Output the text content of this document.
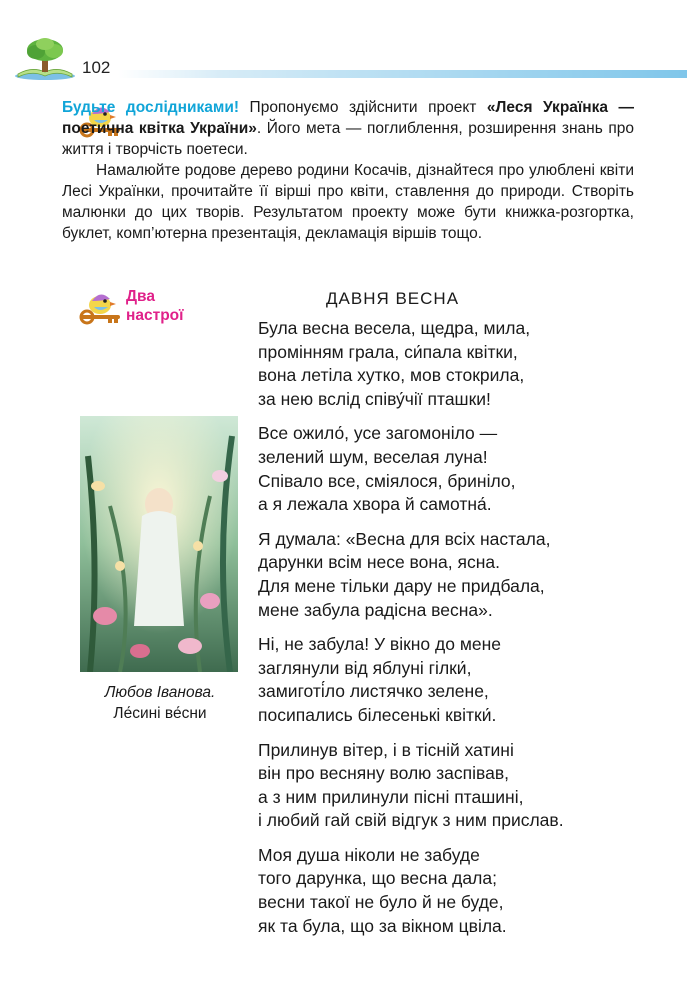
102

Будьте дослідниками! Пропонуємо здійснити проект «Леся Українка — поетична квітка України». Його мета — поглиблення, розширення знань про життя і творчість поетеси.

Намалюйте родове дерево родини Косачів, дізнайтеся про улюблені квіти Лесі Українки, прочитайте її вірші про квіти, ставлення до природи. Створіть малюнки до цих творів. Результатом проекту може бути книжка-розгортка, буклет, комп’ютерна презентація, декламація віршів тощо.

Два
настрої
ДАВНЯ ВЕСНА
Була весна весела, щедра, мила,
промінням грала, си́пала квітки,
вона летіла хутко, мов стокрила,
за нею вслід співу́чії пташки!
Все ожило́, усе загомоніло —
зелений шум, веселая луна!
Співало все, сміялося, бриніло,
а я лежала хвора й самотна́.
Я думала: «Весна для всіх настала,
дарунки всім несе вона, ясна.
Для мене тільки дару не придбала,
мене забула радісна весна».
Ні, не забула! У вікно до мене
заглянули від яблуні гілки́,
замиготі́ло листячко зелене,
посипались білесенькі квітки́.
Прилинув вітер, і в тісній хатині
він про весняну волю заспівав,
а з ним прилинули пісні пташині,
і любий гай свій відгук з ним прислав.
Моя душа ніколи не забуде
того дарунка, що весна дала;
весни такої не було й не буде,
як та була, що за вікном цвіла.
Любов Іванова.
Ле́сині ве́сни
